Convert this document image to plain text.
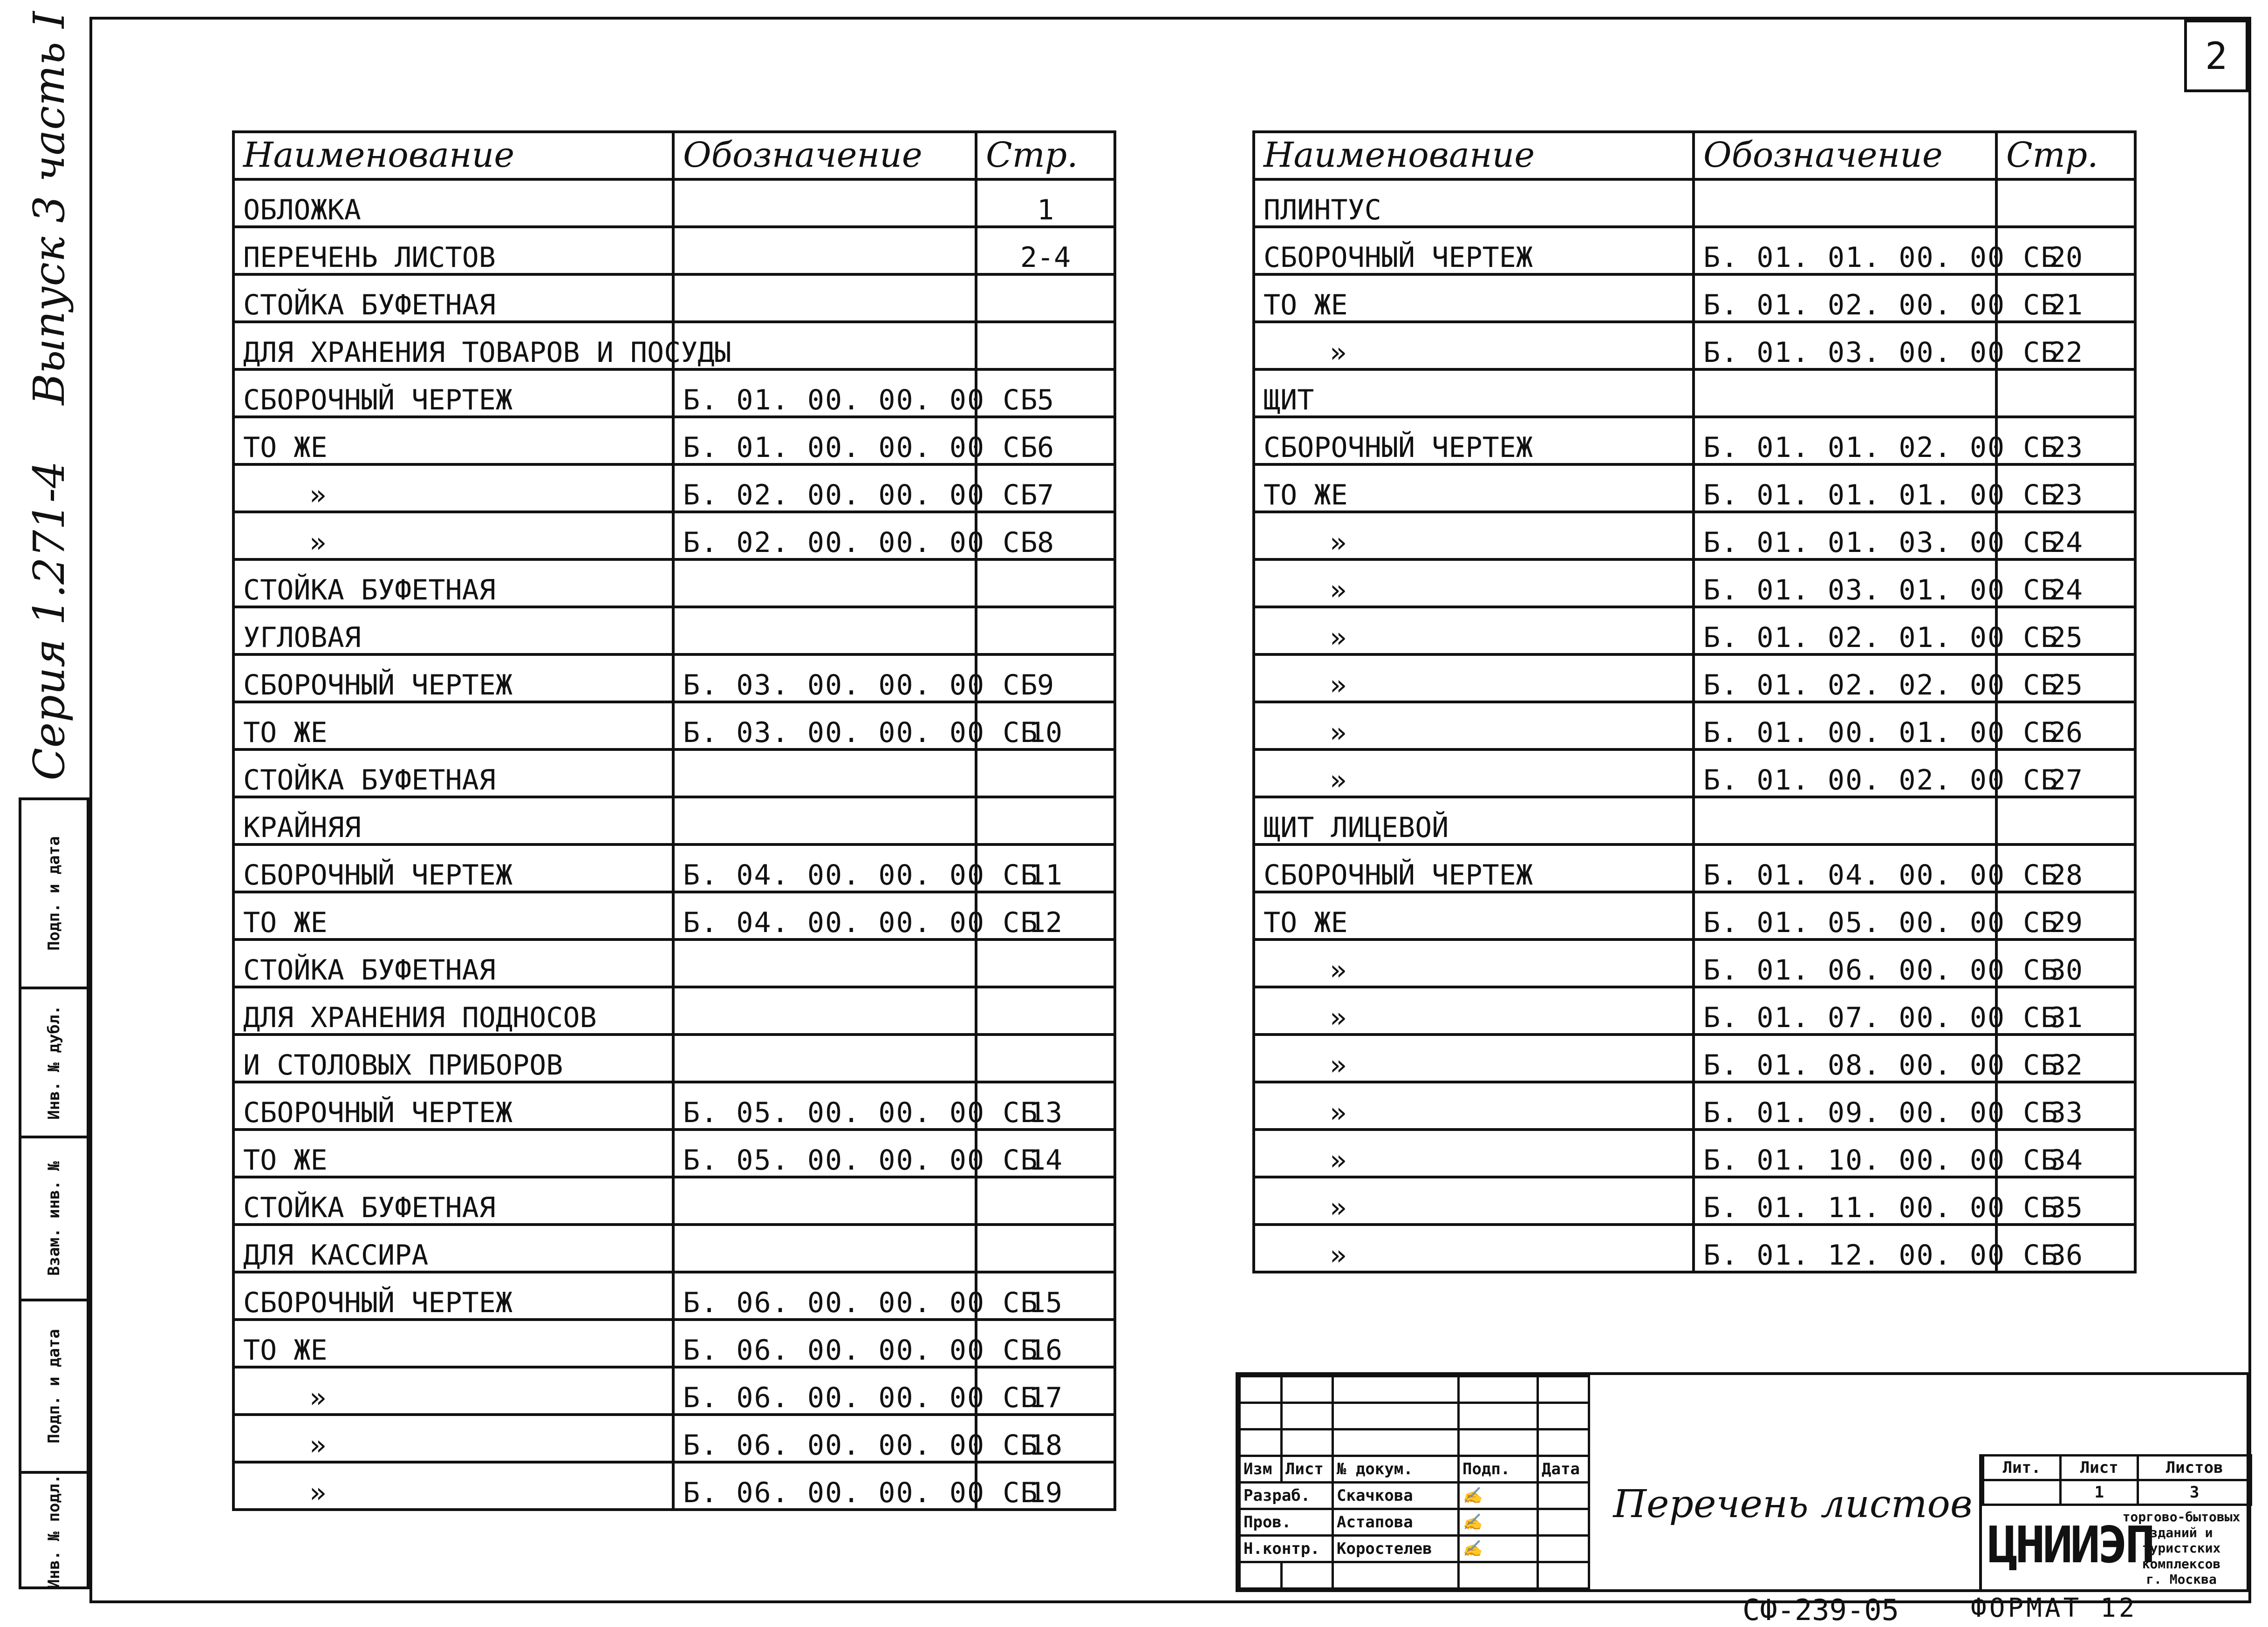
2
Серия 1.271-4
Выпуск 3 часть I
Инв. № подл.
Подп. и дата
Взам. инв. №
Инв. № дубл.
Подп. и дата
Наименование	Обозначение	Стр.
ОБЛОЖКА		1
ПЕРЕЧЕНЬ ЛИСТОВ		2-4
СТОЙКА БУФЕТНАЯ		
ДЛЯ ХРАНЕНИЯ ТОВАРОВ И ПОСУДЫ		
СБОРОЧНЫЙ ЧЕРТЕЖ	Б. 01. 00. 00. 00 СБ	5
ТО ЖЕ	Б. 01. 00. 00. 00 СБ	6
»	Б. 02. 00. 00. 00 СБ	7
»	Б. 02. 00. 00. 00 СБ	8
СТОЙКА БУФЕТНАЯ		
УГЛОВАЯ		
СБОРОЧНЫЙ ЧЕРТЕЖ	Б. 03. 00. 00. 00 СБ	9
ТО ЖЕ	Б. 03. 00. 00. 00 СБ	10
СТОЙКА БУФЕТНАЯ		
КРАЙНЯЯ		
СБОРОЧНЫЙ ЧЕРТЕЖ	Б. 04. 00. 00. 00 СБ	11
ТО ЖЕ	Б. 04. 00. 00. 00 СБ	12
СТОЙКА БУФЕТНАЯ		
ДЛЯ ХРАНЕНИЯ ПОДНОСОВ		
И СТОЛОВЫХ ПРИБОРОВ		
СБОРОЧНЫЙ ЧЕРТЕЖ	Б. 05. 00. 00. 00 СБ	13
ТО ЖЕ	Б. 05. 00. 00. 00 СБ	14
СТОЙКА БУФЕТНАЯ		
ДЛЯ КАССИРА		
СБОРОЧНЫЙ ЧЕРТЕЖ	Б. 06. 00. 00. 00 СБ	15
ТО ЖЕ	Б. 06. 00. 00. 00 СБ	16
»	Б. 06. 00. 00. 00 СБ	17
»	Б. 06. 00. 00. 00 СБ	18
»	Б. 06. 00. 00. 00 СБ	19
Наименование	Обозначение	Стр.
ПЛИНТУС		
СБОРОЧНЫЙ ЧЕРТЕЖ	Б. 01. 01. 00. 00 СБ	20
ТО ЖЕ	Б. 01. 02. 00. 00 СБ	21
»	Б. 01. 03. 00. 00 СБ	22
ЩИТ		
СБОРОЧНЫЙ ЧЕРТЕЖ	Б. 01. 01. 02. 00 СБ	23
ТО ЖЕ	Б. 01. 01. 01. 00 СБ	23
»	Б. 01. 01. 03. 00 СБ	24
»	Б. 01. 03. 01. 00 СБ	24
»	Б. 01. 02. 01. 00 СБ	25
»	Б. 01. 02. 02. 00 СБ	25
»	Б. 01. 00. 01. 00 СБ	26
»	Б. 01. 00. 02. 00 СБ	27
ЩИТ ЛИЦЕВОЙ		
СБОРОЧНЫЙ ЧЕРТЕЖ	Б. 01. 04. 00. 00 СБ	28
ТО ЖЕ	Б. 01. 05. 00. 00 СБ	29
»	Б. 01. 06. 00. 00 СБ	30
»	Б. 01. 07. 00. 00 СБ	31
»	Б. 01. 08. 00. 00 СБ	32
»	Б. 01. 09. 00. 00 СБ	33
»	Б. 01. 10. 00. 00 СБ	34
»	Б. 01. 11. 00. 00 СБ	35
»	Б. 01. 12. 00. 00 СБ	36

Изм	Лист	№ докум.	Подп.	Дата
Разраб.		Скачкова	✍	
Пров.		Астапова	✍	
Н.контр.		Коростелев	✍	

Перечень листов
Лит.	Лист	Листов
	1	3
ЦНИИЭП
торгово-бытовых
зданий и туристских
комплексов
г. Москва
СФ-239-05	ФОРМАТ 12
